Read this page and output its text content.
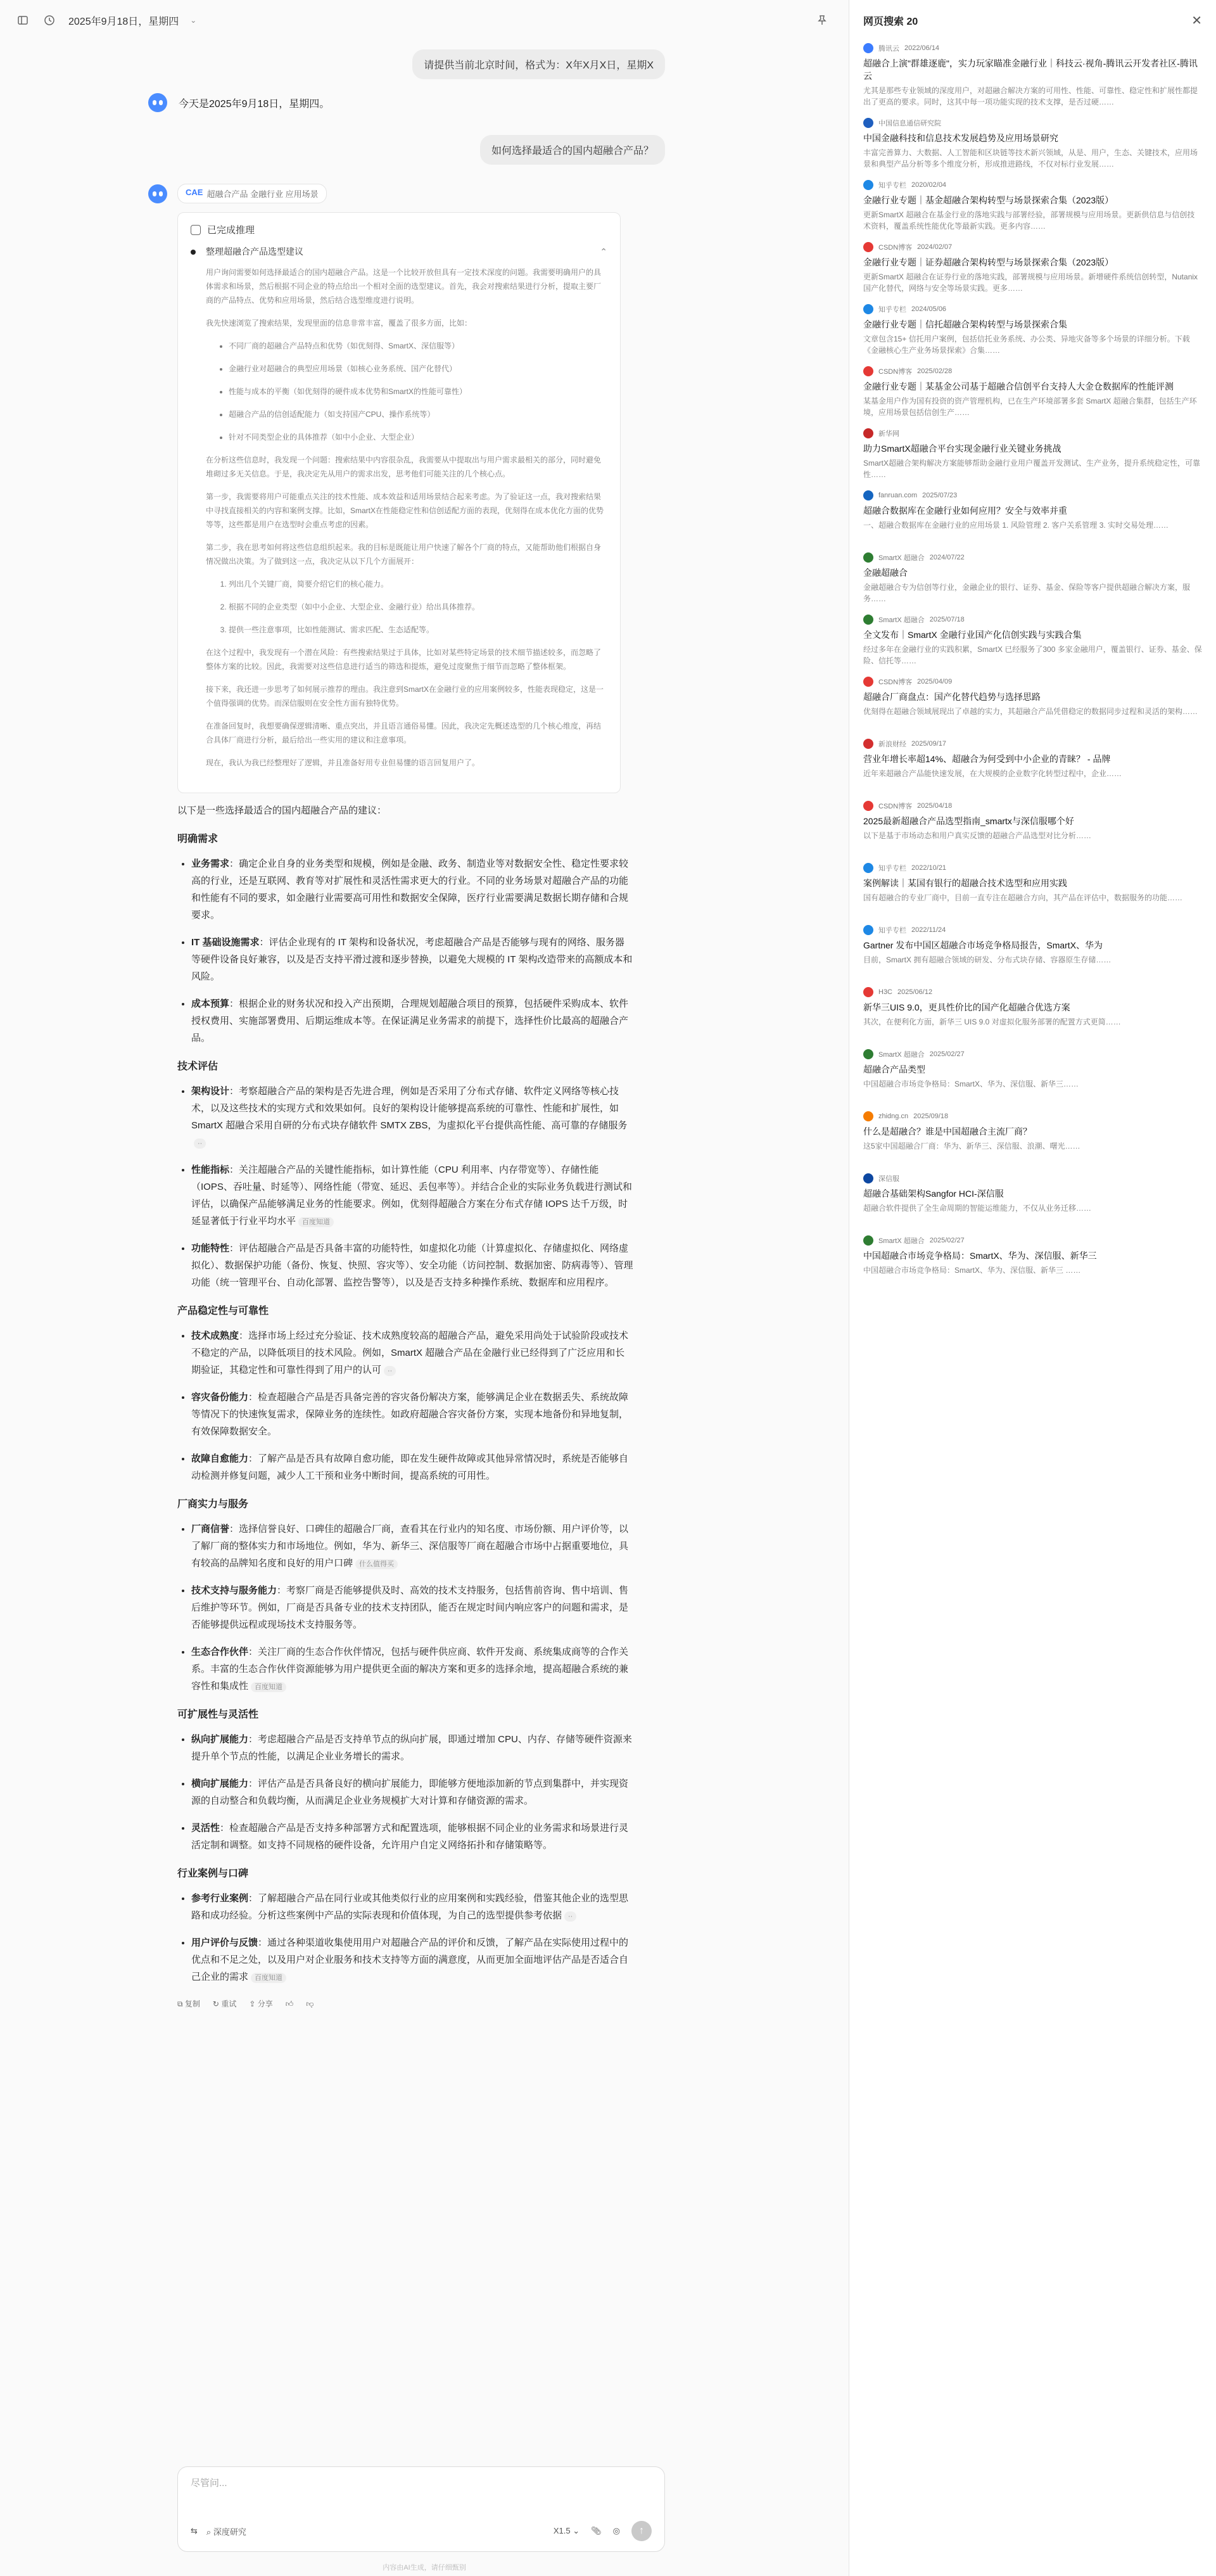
2025年9月18日，星期四 ⌄
请提供当前北京时间，格式为：X年X月X日，星期X
今天是2025年9月18日，星期四。
如何选择最适合的国内超融合产品？
CAE 超融合产品 金融行业 应用场景
已完成推理
整理超融合产品选型建议	⌃

用户询问需要如何选择最适合的国内超融合产品。这是一个比较开放但具有一定技术深度的问题。我需要明确用户的具体需求和场景，然后根据不同企业的特点给出一个相对全面的选型建议。首先，我会对搜索结果进行分析，提取主要厂商的产品特点、优势和应用场景，然后结合选型维度进行说明。

我先快速浏览了搜索结果，发现里面的信息非常丰富，覆盖了很多方面，比如：

• 不同厂商的超融合产品特点和优势（如优刻得、SmartX、深信服等）
• 金融行业对超融合的典型应用场景（如核心业务系统、国产化替代）
• 性能与成本的平衡（如优刻得的硬件成本优势和SmartX的性能可靠性）
• 超融合产品的信创适配能力（如支持国产CPU、操作系统等）
• 针对不同类型企业的具体推荐（如中小企业、大型企业）

在分析这些信息时，我发现一个问题：搜索结果中内容很杂乱，我需要从中提取出与用户需求最相关的部分，同时避免堆砌过多无关信息。于是，我决定先从用户的需求出发，思考他们可能关注的几个核心点。

第一步，我需要将用户可能重点关注的技术性能、成本效益和适用场景结合起来考虑。为了验证这一点，我对搜索结果中寻找直接相关的内容和案例支撑。比如，SmartX在性能稳定性和信创适配方面的表现，优刻得在成本优化方面的优势等等，这些都是用户在选型时会重点考虑的因素。

第二步，我在思考如何将这些信息组织起来。我的目标是既能让用户快速了解各个厂商的特点，又能帮助他们根据自身情况做出决策。为了做到这一点，我决定从以下几个方面展开：

1. 列出几个关键厂商，简要介绍它们的核心能力。
2. 根据不同的企业类型（如中小企业、大型企业、金融行业）给出具体推荐。
3. 提供一些注意事项，比如性能测试、需求匹配、生态适配等。

在这个过程中，我发现有一个潜在风险：有些搜索结果过于具体，比如对某些特定场景的技术细节描述较多，而忽略了整体方案的比较。因此，我需要对这些信息进行适当的筛选和提炼，避免过度聚焦于细节而忽略了整体框架。

接下来，我还进一步思考了如何展示推荐的理由。我注意到SmartX在金融行业的应用案例较多，性能表现稳定，这是一个值得强调的优势。而深信服则在安全性方面有独特优势。

在准备回复时，我想要确保逻辑清晰、重点突出，并且语言通俗易懂。因此，我决定先概述选型的几个核心维度，再结合具体厂商进行分析，最后给出一些实用的建议和注意事项。

现在，我认为我已经整理好了逻辑，并且准备好用专业但易懂的语言回复用户了。

以下是一些选择最适合的国内超融合产品的建议：

明确需求
• 业务需求：确定企业自身的业务类型和规模，例如是金融、政务、制造业等对数据安全性、稳定性要求较高的行业，还是互联网、教育等对扩展性和灵活性需求更大的行业。不同的业务场景对超融合产品的功能和性能有不同的要求，如金融行业需要高可用性和数据安全保障，医疗行业需要满足数据长期存储和合规要求。
• IT 基础设施需求：评估企业现有的 IT 架构和设备状况，考虑超融合产品是否能够与现有的网络、服务器等硬件设备良好兼容，以及是否支持平滑过渡和逐步替换，以避免大规模的 IT 架构改造带来的高额成本和风险。
• 成本预算：根据企业的财务状况和投入产出预期，合理规划超融合项目的预算，包括硬件采购成本、软件授权费用、实施部署费用、后期运维成本等。在保证满足业务需求的前提下，选择性价比最高的超融合产品。
技术评估
• 架构设计：考察超融合产品的架构是否先进合理，例如是否采用了分布式存储、软件定义网络等核心技术，以及这些技术的实现方式和效果如何。良好的架构设计能够提高系统的可靠性、性能和扩展性，如 SmartX 超融合采用自研的分布式块存储软件 SMTX ZBS，为虚拟化平台提供高性能、高可靠的存储服务··
• 性能指标：关注超融合产品的关键性能指标，如计算性能（CPU 利用率、内存带宽等）、存储性能（IOPS、吞吐量、时延等）、网络性能（带宽、延迟、丢包率等）。并结合企业的实际业务负载进行测试和评估，以确保产品能够满足业务的性能要求。例如，优刻得超融合方案在分布式存储 IOPS 达千万级，时延显著低于行业平均水平 百度知道
• 功能特性：评估超融合产品是否具备丰富的功能特性，如虚拟化功能（计算虚拟化、存储虚拟化、网络虚拟化）、数据保护功能（备份、恢复、快照、容灾等）、安全功能（访问控制、数据加密、防病毒等）、管理功能（统一管理平台、自动化部署、监控告警等），以及是否支持多种操作系统、数据库和应用程序。
产品稳定性与可靠性
• 技术成熟度：选择市场上经过充分验证、技术成熟度较高的超融合产品，避免采用尚处于试验阶段或技术不稳定的产品，以降低项目的技术风险。例如，SmartX 超融合产品在金融行业已经得到了广泛应用和长期验证，其稳定性和可靠性得到了用户的认可 ··
• 容灾备份能力：检查超融合产品是否具备完善的容灾备份解决方案，能够满足企业在数据丢失、系统故障等情况下的快速恢复需求，保障业务的连续性。如政府超融合容灾备份方案，实现本地备份和异地复制，有效保障数据安全。
• 故障自愈能力：了解产品是否具有故障自愈功能，即在发生硬件故障或其他异常情况时，系统是否能够自动检测并修复问题，减少人工干预和业务中断时间，提高系统的可用性。
厂商实力与服务
• 厂商信誉：选择信誉良好、口碑佳的超融合厂商，查看其在行业内的知名度、市场份额、用户评价等，以了解厂商的整体实力和市场地位。例如，华为、新华三、深信服等厂商在超融合市场中占据重要地位，具有较高的品牌知名度和良好的用户口碑 什么值得买
• 技术支持与服务能力：考察厂商是否能够提供及时、高效的技术支持服务，包括售前咨询、售中培训、售后维护等环节。例如，厂商是否具备专业的技术支持团队，能否在规定时间内响应客户的问题和需求，是否能够提供远程或现场技术支持服务等。
• 生态合作伙伴：关注厂商的生态合作伙伴情况，包括与硬件供应商、软件开发商、系统集成商等的合作关系。丰富的生态合作伙伴资源能够为用户提供更全面的解决方案和更多的选择余地，提高超融合系统的兼容性和集成性 百度知道
可扩展性与灵活性
• 纵向扩展能力：考虑超融合产品是否支持单节点的纵向扩展，即通过增加 CPU、内存、存储等硬件资源来提升单个节点的性能，以满足企业业务增长的需求。
• 横向扩展能力：评估产品是否具备良好的横向扩展能力，即能够方便地添加新的节点到集群中，并实现资源的自动整合和负载均衡，从而满足企业业务规模扩大对计算和存储资源的需求。
• 灵活性：检查超融合产品是否支持多种部署方式和配置选项，能够根据不同企业的业务需求和场景进行灵活定制和调整。如支持不同规格的硬件设备，允许用户自定义网络拓扑和存储策略等。
行业案例与口碑
• 参考行业案例：了解超融合产品在同行业或其他类似行业的应用案例和实践经验，借鉴其他企业的选型思路和成功经验。分析这些案例中产品的实际表现和价值体现，为自己的选型提供参考依据 ··
• 用户评价与反馈：通过各种渠道收集使用用户对超融合产品的评价和反馈，了解产品在实际使用过程中的优点和不足之处，以及用户对企业服务和技术支持等方面的满意度，从而更加全面地评估产品是否适合自己企业的需求 百度知道
⧉ 复制 ↻ 重试 ⇪ 分享 👍︎ 👎︎
尽管问...
⇆ ⌕ 深度研究	X1.5 ⌄ 📎︎ ◎	↑
内容由AI生成，请仔细甄别
网页搜索 20	✕
腾讯云 2022/06/14
超融合上演"群雄逐鹿"，实力玩家瞄准金融行业｜科技云·视角-腾讯云开发者社区-腾讯云
尤其是那些专业领域的深度用户，对超融合解决方案的可用性、性能、可靠性、稳定性和扩展性都提出了更高的要求。同时，这其中每一项功能实现的技术支撑，是否过硬……
中国信息通信研究院
中国金融科技和信息技术发展趋势及应用场景研究
丰富完善算力、大数据、人工智能和区块链等技术新兴领域，从是、用户，生态、关键技术，应用场景和典型产品分析等多个维度分析，形成推进路线，不仅对标行业发展……
知乎专栏 2020/02/04
金融行业专题｜基金超融合架构转型与场景探索合集（2023版）
更新SmartX 超融合在基金行业的落地实践与部署经验，部署规模与应用场景。更新供信息与信创技术资料，覆盖系统性能优化等最新实践。更多内容……
CSDN博客 2024/02/07
金融行业专题｜证券超融合架构转型与场景探索合集（2023版）
更新SmartX 超融合在证券行业的落地实践，部署规模与应用场景。新增硬件系统信创转型，Nutanix 国产化替代，网络与安全等场景实践。更多……
知乎专栏 2024/05/06
金融行业专题｜信托超融合架构转型与场景探索合集
文章包含15+ 信托用户案例，包括信托业务系统、办公类、异地灾备等多个场景的详细分析。下载《金融核心生产业务场景探索》合集……
CSDN博客 2025/02/28
金融行业专题｜某基金公司基于超融合信创平台支持人大金仓数据库的性能评测
某基金用户作为国有投资的资产管理机构，已在生产环境部署多套 SmartX 超融合集群，包括生产环境，应用场景包括信创生产……
新华网
助力SmartX超融合平台实现金融行业关键业务挑战
SmartX超融合架构解决方案能够帮助金融行业用户覆盖开发测试、生产业务，提升系统稳定性，可靠性……
fanruan.com 2025/07/23
超融合数据库在金融行业如何应用？安全与效率并重
一、超融合数据库在金融行业的应用场景 1. 风险管理 2. 客户关系管理 3. 实时交易处理……
SmartX 超融合 2024/07/22
金融超融合
金融超融合专为信创等行业，金融企业的银行、证券、基金、保险等客户提供超融合解决方案，服务……
SmartX 超融合 2025/07/18
全文发布｜SmartX 金融行业国产化信创实践与实践合集
经过多年在金融行业的实践积累，SmartX 已经服务了300 多家金融用户，覆盖银行、证券、基金、保险、信托等……
CSDN博客 2025/04/09
超融合厂商盘点：国产化替代趋势与选择思路
优刻得在超融合领域展现出了卓越的实力，其超融合产品凭借稳定的数据同步过程和灵活的架构……
新浪财经 2025/09/17
营业年增长率超14%、超融合为何受到中小企业的青睐？ - 品牌
近年来超融合产品能快速发展，在大规模的企业数字化转型过程中，企业……
CSDN博客 2025/04/18
2025最新超融合产品选型指南_smartx与深信服哪个好
以下是基于市场动态和用户真实反馈的超融合产品选型对比分析……
知乎专栏 2022/10/21
案例解读｜某国有银行的超融合技术选型和应用实践
国有超融合的专业厂商中，目前一直专注在超融合方向，其产品在评估中，数据服务的功能……
知乎专栏 2022/11/24
Gartner 发布中国区超融合市场竞争格局报告，SmartX、华为
目前，SmartX 拥有超融合领域的研发、分布式块存储、容器原生存储……
H3C 2025/06/12
新华三UIS 9.0，更具性价比的国产化超融合优选方案
其次，在便利化方面，新华三 UIS 9.0 对虚拟化服务部署的配置方式更简……
SmartX 超融合 2025/02/27
超融合产品类型
中国超融合市场竞争格局：SmartX、华为、深信服、新华三……
zhidng.cn 2025/09/18
什么是超融合？谁是中国超融合主流厂商？
这5家中国超融合厂商：华为、新华三、深信服、浪潮、曙光……
深信服
超融合基础架构Sangfor HCI-深信服
超融合软件提供了全生命周期的智能运维能力，不仅从业务迁移……
SmartX 超融合 2025/02/27
中国超融合市场竞争格局：SmartX、华为、深信服、新华三
中国超融合市场竞争格局：SmartX、华为、深信服、新华三 ……
